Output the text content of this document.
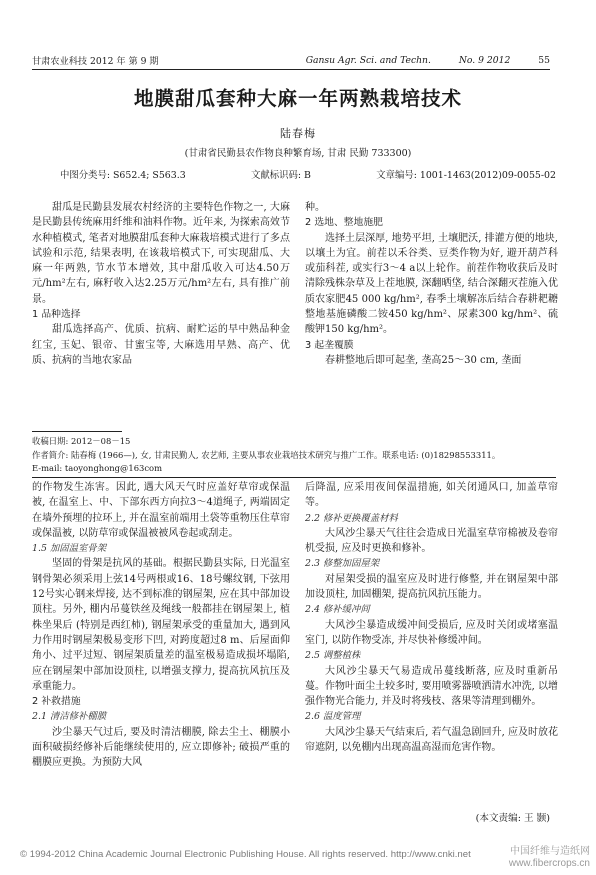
甘肃农业科技 2012 年 第 9 期	Gansu Agr. Sci. and Techn.	No. 9 2012	55
地膜甜瓜套种大麻一年两熟栽培技术
陆春梅
(甘肃省民勤县农作物良种繁育场, 甘肃 民勤 733300)
中图分类号: S652.4; S563.3	文献标识码: B	文章编号: 1001-1463(2012)09-0055-02

甜瓜是民勤县发展农村经济的主要特色作物之一, 大麻是民勤县传统麻用纤维和油料作物。近年来, 为探索高效节水种植模式, 笔者对地膜甜瓜套种大麻栽培模式进行了多点试验和示范, 结果表明, 在该栽培模式下, 可实现甜瓜、大麻一年两熟, 节水节本增效, 其中甜瓜收入可达4.50万元/hm²左右, 麻籽收入达2.25万元/hm²左右, 具有推广前景。

1 品种选择

甜瓜选择高产、优质、抗病、耐贮运的早中熟品种金红宝, 玉妃、银帝、甘蜜宝等, 大麻选用早熟、高产、优质、抗病的当地农家品

种。

2 选地、整地施肥

选择土层深厚, 地势平坦, 土壤肥沃, 排灌方便的地块, 以壤土为宜。前茬以禾谷类、豆类作物为好, 避开葫芦科或茄科茬, 或实行3～4 a以上轮作。前茬作物收获后及时清除残株杂草及上茬地膜, 深翻晒垡, 结合深翻灭茬施入优质农家肥45 000 kg/hm², 春季土壤解冻后结合春耕耙耱整地基施磷酸二铵450 kg/hm²、尿素300 kg/hm²、硫酸钾150 kg/hm²。

3 起垄覆膜

春耕整地后即可起垄, 垄高25～30 cm, 垄面

收稿日期: 2012－08－15
作者简介: 陆春梅 (1966—), 女, 甘肃民勤人, 农艺师, 主要从事农业栽培技术研究与推广工作。联系电话: (0)18298553311。
E-mail: taoyonghong@163com

的作物发生冻害。因此, 遇大风天气时应盖好草帘或保温被, 在温室上、中、下部东西方向拉3～4道绳子, 两端固定在墙外预埋的拉环上, 并在温室前端用土袋等重物压住草帘或保温被, 以防草帘或保温被被风卷起或刮走。

1.5 加固温室骨架

坚固的骨架是抗风的基础。根据民勤县实际, 日光温室钢骨架必须采用上弦14号两根或16、18号螺纹钢, 下弦用12号实心钢来焊接, 达不到标准的钢屋架, 应在其中部加设顶柱。另外, 棚内吊蔓铁丝及绳线一般都挂在钢屋架上, 植株坐果后 (特别是西红柿), 钢屋架承受的重量加大, 遇到风力作用时钢屋架极易变形下凹, 对跨度超过8 m、后屋面仰角小、过平过短、钢屋架质量差的温室极易造成损坏塌陷, 应在钢屋架中部加设顶柱, 以增强支撑力, 提高抗风抗压及承重能力。

2 补救措施

2.1 清洁修补棚膜

沙尘暴天气过后, 要及时清洁棚膜, 除去尘土、棚膜小面积破损经修补后能继续使用的, 应立即修补; 破损严重的棚膜应更换。为预防大风

后降温, 应采用夜间保温措施, 如关闭通风口, 加盖草帘等。

2.2 修补更换覆盖材料

大风沙尘暴天气往往会造成日光温室草帘棉被及卷帘机受损, 应及时更换和修补。

2.3 修整加固屋架

对屋架受损的温室应及时进行修整, 并在钢屋架中部加设顶柱, 加固棚架, 提高抗风抗压能力。

2.4 修补缓冲间

大风沙尘暴造成缓冲间受损后, 应及时关闭或堵塞温室门, 以防作物受冻, 并尽快补修缓冲间。

2.5 调整植株

大风沙尘暴天气易造成吊蔓线断落, 应及时重新吊蔓。作物叶面尘土较多时, 要用喷雾器喷洒清水冲洗, 以增强作物光合能力, 并及时将残枝、落果等清理到棚外。

2.6 温度管理

大风沙尘暴天气结束后, 若气温急剧回升, 应及时放花帘遮阴, 以免棚内出现高温高湿而危害作物。

(本文责编: 王 颢)
© 1994-2012 China Academic Journal Electronic Publishing House. All rights reserved. http://www.cnki.net	中国纤维与造纸网
www.fibercrops.cn
